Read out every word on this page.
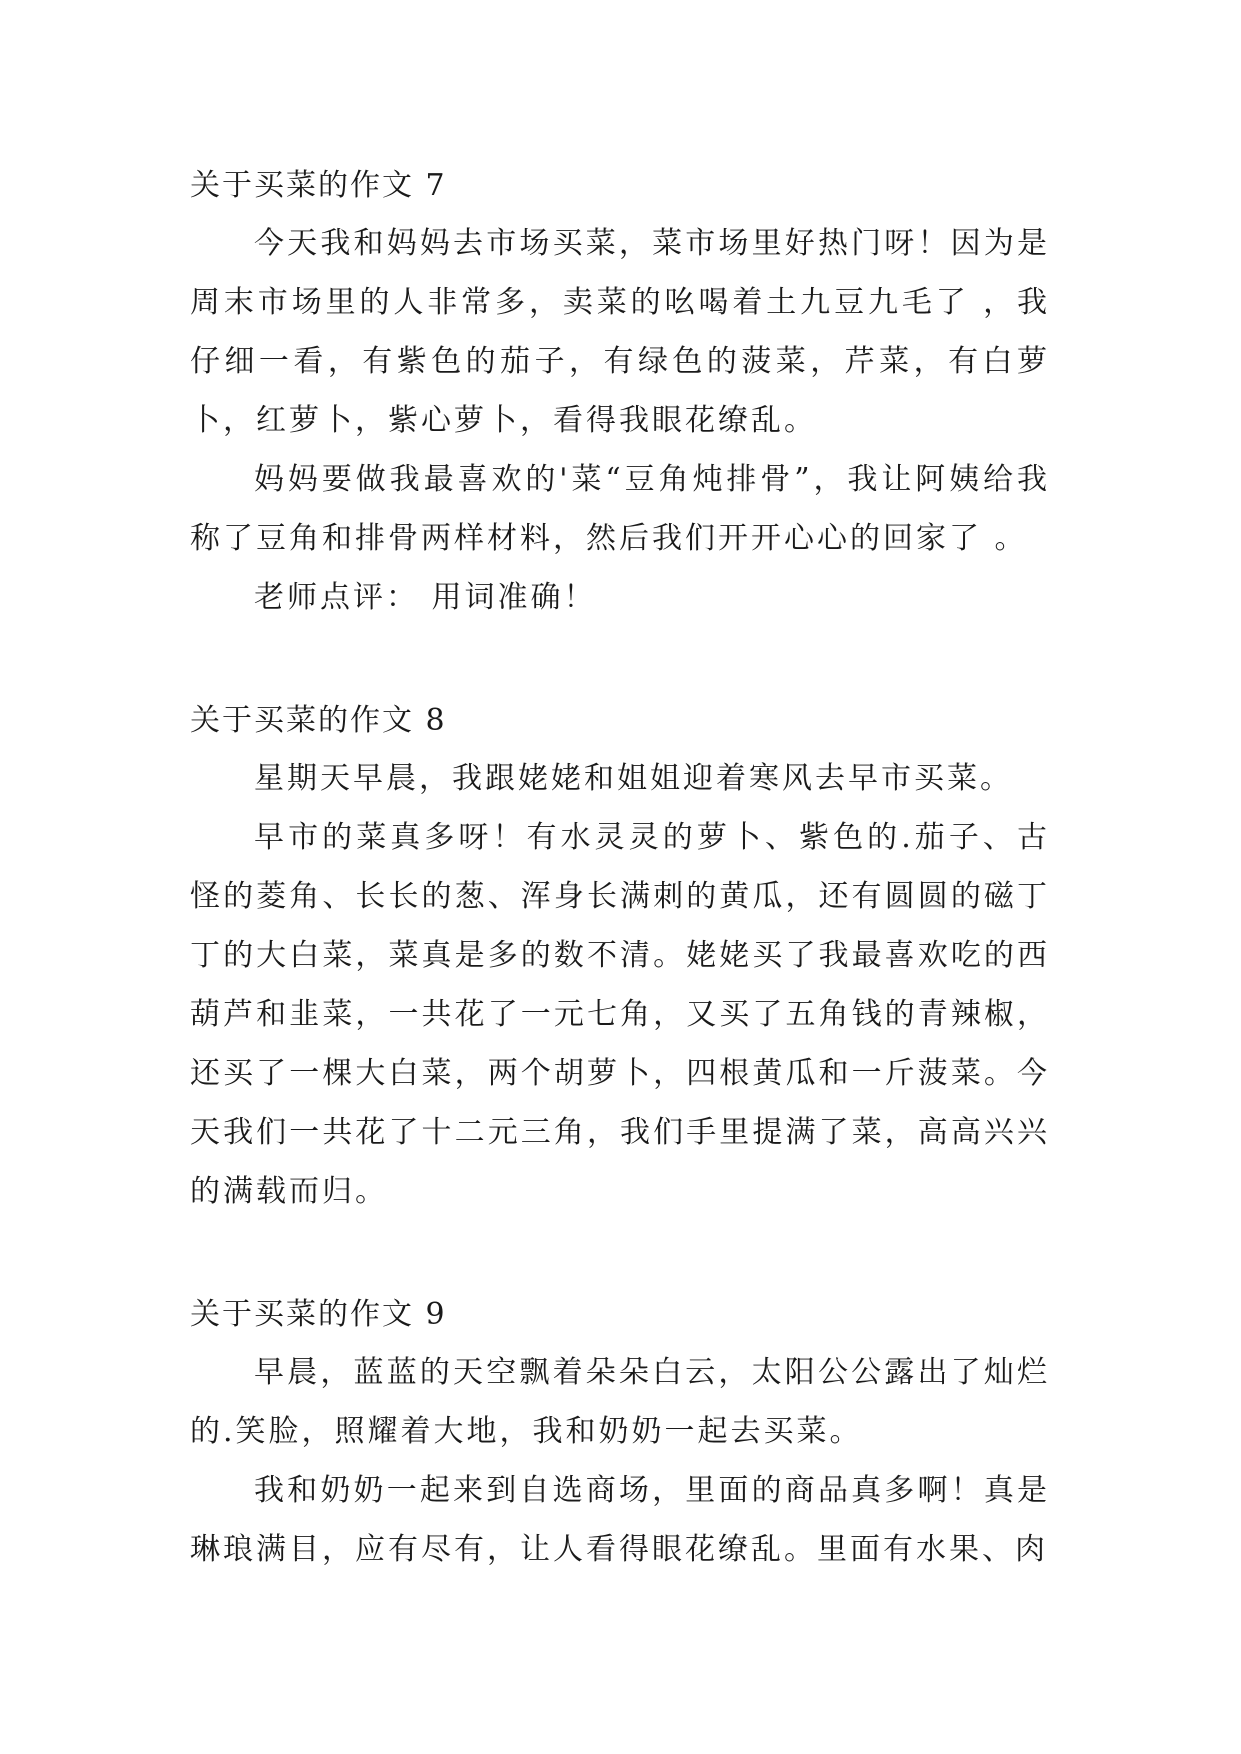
关于买菜的作文 7

今天我和妈妈去市场买菜，菜市场里好热门呀！因为是周末市场里的人非常多，卖菜的吆喝着土九豆九毛了 ，我仔细一看，有紫色的茄子，有绿色的菠菜，芹菜，有白萝卜，红萝卜，紫心萝卜，看得我眼花缭乱。

妈妈要做我最喜欢的'菜“豆角炖排骨”，我让阿姨给我称了豆角和排骨两样材料，然后我们开开心心的回家了 。

老师点评： 用词准确！

关于买菜的作文 8

星期天早晨，我跟姥姥和姐姐迎着寒风去早市买菜。

早市的菜真多呀！有水灵灵的萝卜、紫色的.茄子、古怪的菱角、长长的葱、浑身长满刺的黄瓜，还有圆圆的磁丁丁的大白菜，菜真是多的数不清。姥姥买了我最喜欢吃的西葫芦和韭菜，一共花了一元七角，又买了五角钱的青辣椒，还买了一棵大白菜，两个胡萝卜，四根黄瓜和一斤菠菜。今天我们一共花了十二元三角，我们手里提满了菜，高高兴兴的满载而归。

关于买菜的作文 9

早晨，蓝蓝的天空飘着朵朵白云，太阳公公露出了灿烂的.笑脸，照耀着大地，我和奶奶一起去买菜。

我和奶奶一起来到自选商场，里面的商品真多啊！真是琳琅满目，应有尽有，让人看得眼花缭乱。里面有水果、肉
